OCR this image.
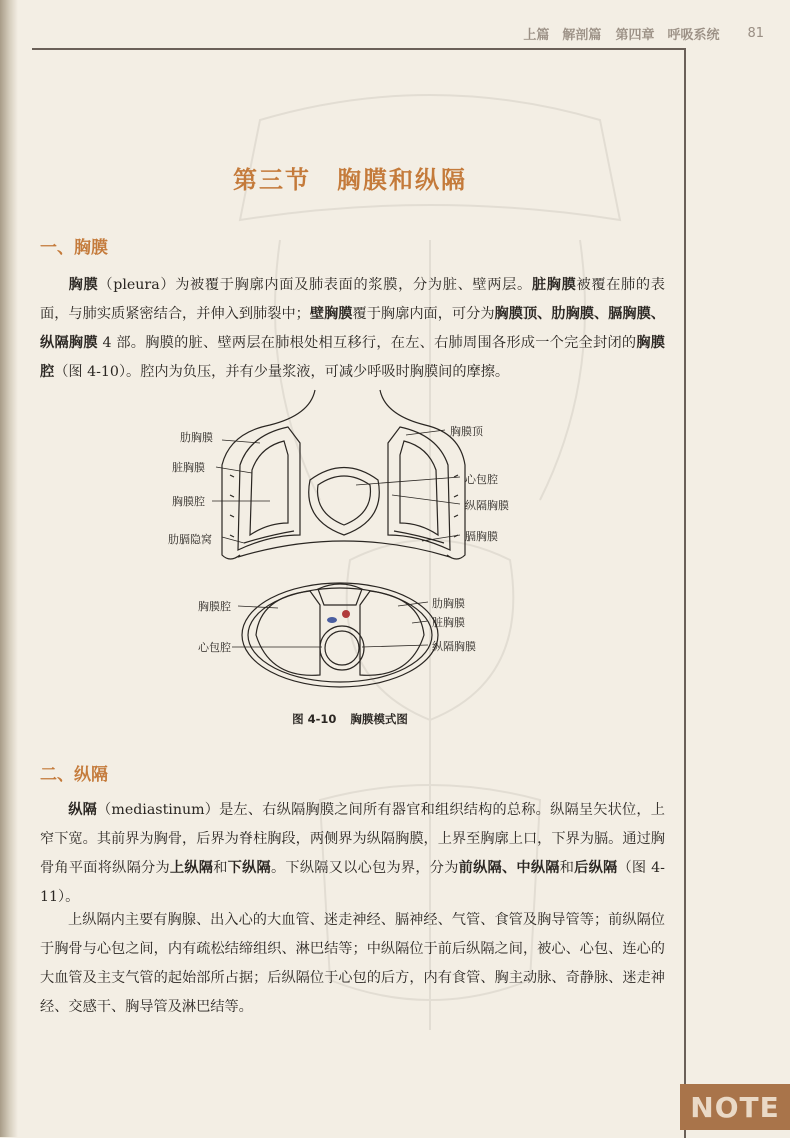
上篇　解剖篇 第四章　呼吸系统 81
第三节 胸膜和纵隔
一、胸膜
胸膜（pleura）为被覆于胸廓内面及肺表面的浆膜，分为脏、壁两层。脏胸膜被覆在肺的表面，与肺实质紧密结合，并伸入到肺裂中；壁胸膜覆于胸廓内面，可分为胸膜顶、肋胸膜、膈胸膜、纵隔胸膜 4 部。胸膜的脏、壁两层在肺根处相互移行，在左、右肺周围各形成一个完全封闭的胸膜腔（图 4-10）。腔内为负压，并有少量浆液，可减少呼吸时胸膜间的摩擦。
肋胸膜
脏胸膜
胸膜腔
肋膈隐窝
胸膜顶
心包腔
纵隔胸膜
膈胸膜
胸膜腔
心包腔
肋胸膜
脏胸膜
纵隔胸膜
图 4-10 胸膜模式图
二、纵隔
纵隔（mediastinum）是左、右纵隔胸膜之间所有器官和组织结构的总称。纵隔呈矢状位，上窄下宽。其前界为胸骨，后界为脊柱胸段，两侧界为纵隔胸膜，上界至胸廓上口，下界为膈。通过胸骨角平面将纵隔分为上纵隔和下纵隔。下纵隔又以心包为界，分为前纵隔、中纵隔和后纵隔（图 4-11）。
上纵隔内主要有胸腺、出入心的大血管、迷走神经、膈神经、气管、食管及胸导管等；前纵隔位于胸骨与心包之间，内有疏松结缔组织、淋巴结等；中纵隔位于前后纵隔之间，被心、心包、连心的大血管及主支气管的起始部所占据；后纵隔位于心包的后方，内有食管、胸主动脉、奇静脉、迷走神经、交感干、胸导管及淋巴结等。
NOTE
